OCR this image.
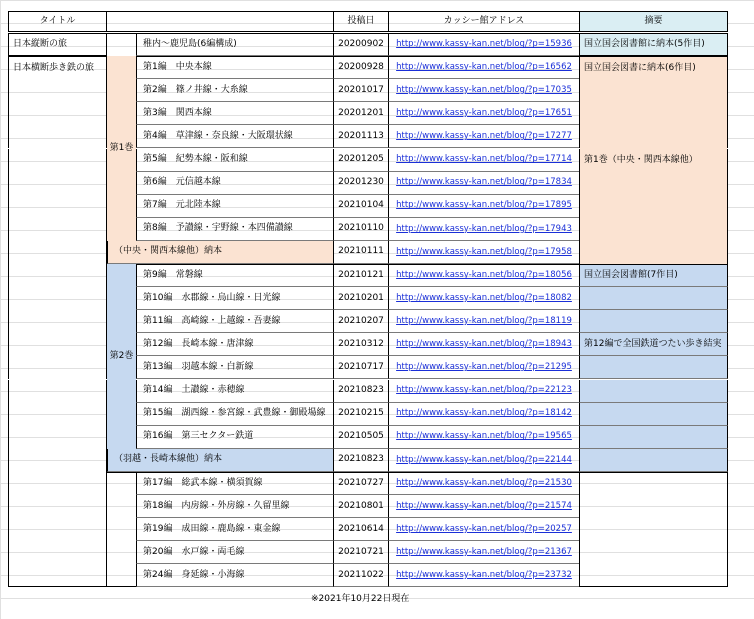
タイトル	投稿日	カッシー館アドレス	摘要
日本縦断の旅	稚内～鹿児島(6編構成)	20200902	http://www.kassy-kan.net/blog/?p=15936	国立国会図書館に納本(5作目)
日本横断歩き鉄の旅	第1編　中央本線	20200928	http://www.kassy-kan.net/blog/?p=16562	国立国会図書に納本(6作目)
第2編　篠ノ井線・大糸線	20201017	http://www.kassy-kan.net/blog/?p=17035
第3編　関西本線	20201201	http://www.kassy-kan.net/blog/?p=17651
第4編　草津線・奈良線・大阪環状線	20201113	http://www.kassy-kan.net/blog/?p=17277
第5編　紀勢本線・阪和線	20201205	http://www.kassy-kan.net/blog/?p=17714
第6編　元信越本線	20201230	http://www.kassy-kan.net/blog/?p=17834
第7編　元北陸本線	20210104	http://www.kassy-kan.net/blog/?p=17895
第8編　予讃線・宇野線・本四備讃線	20210110	http://www.kassy-kan.net/blog/?p=17943
（中央・関西本線他）納本	20210111	http://www.kassy-kan.net/blog/?p=17958
第9編　常磐線	20210121	http://www.kassy-kan.net/blog/?p=18056	国立国会図書館(7作目)
第10編　水郡線・烏山線・日光線	20210201	http://www.kassy-kan.net/blog/?p=18082
第11編　高崎線・上越線・吾妻線	20210207	http://www.kassy-kan.net/blog/?p=18119
第12編　長崎本線・唐津線	20210312	http://www.kassy-kan.net/blog/?p=18943	第12編で全国鉄道つたい歩き結実
第13編　羽越本線・白新線	20210717	http://www.kassy-kan.net/blog/?p=21295
第14編　土讃線・赤穂線	20210823	http://www.kassy-kan.net/blog/?p=22123
第15編　湖西線・参宮線・武豊線・御殿場線	20210215	http://www.kassy-kan.net/blog/?p=18142
第16編　第三セクター鉄道	20210505	http://www.kassy-kan.net/blog/?p=19565
（羽越・長崎本線他）納本	20210823	http://www.kassy-kan.net/blog/?p=22144
第17編　総武本線・横須賀線	20210727	http://www.kassy-kan.net/blog/?p=21530
第18編　内房線・外房線・久留里線	20210801	http://www.kassy-kan.net/blog/?p=21574
第19編　成田線・鹿島線・東金線	20210614	http://www.kassy-kan.net/blog/?p=20257
第20編　水戸線・両毛線	20210721	http://www.kassy-kan.net/blog/?p=21367
第24編　身延線・小海線	20211022	http://www.kassy-kan.net/blog/?p=23732
第1巻
第2巻
第1巻（中央・関西本線他）
※2021年10月22日現在
